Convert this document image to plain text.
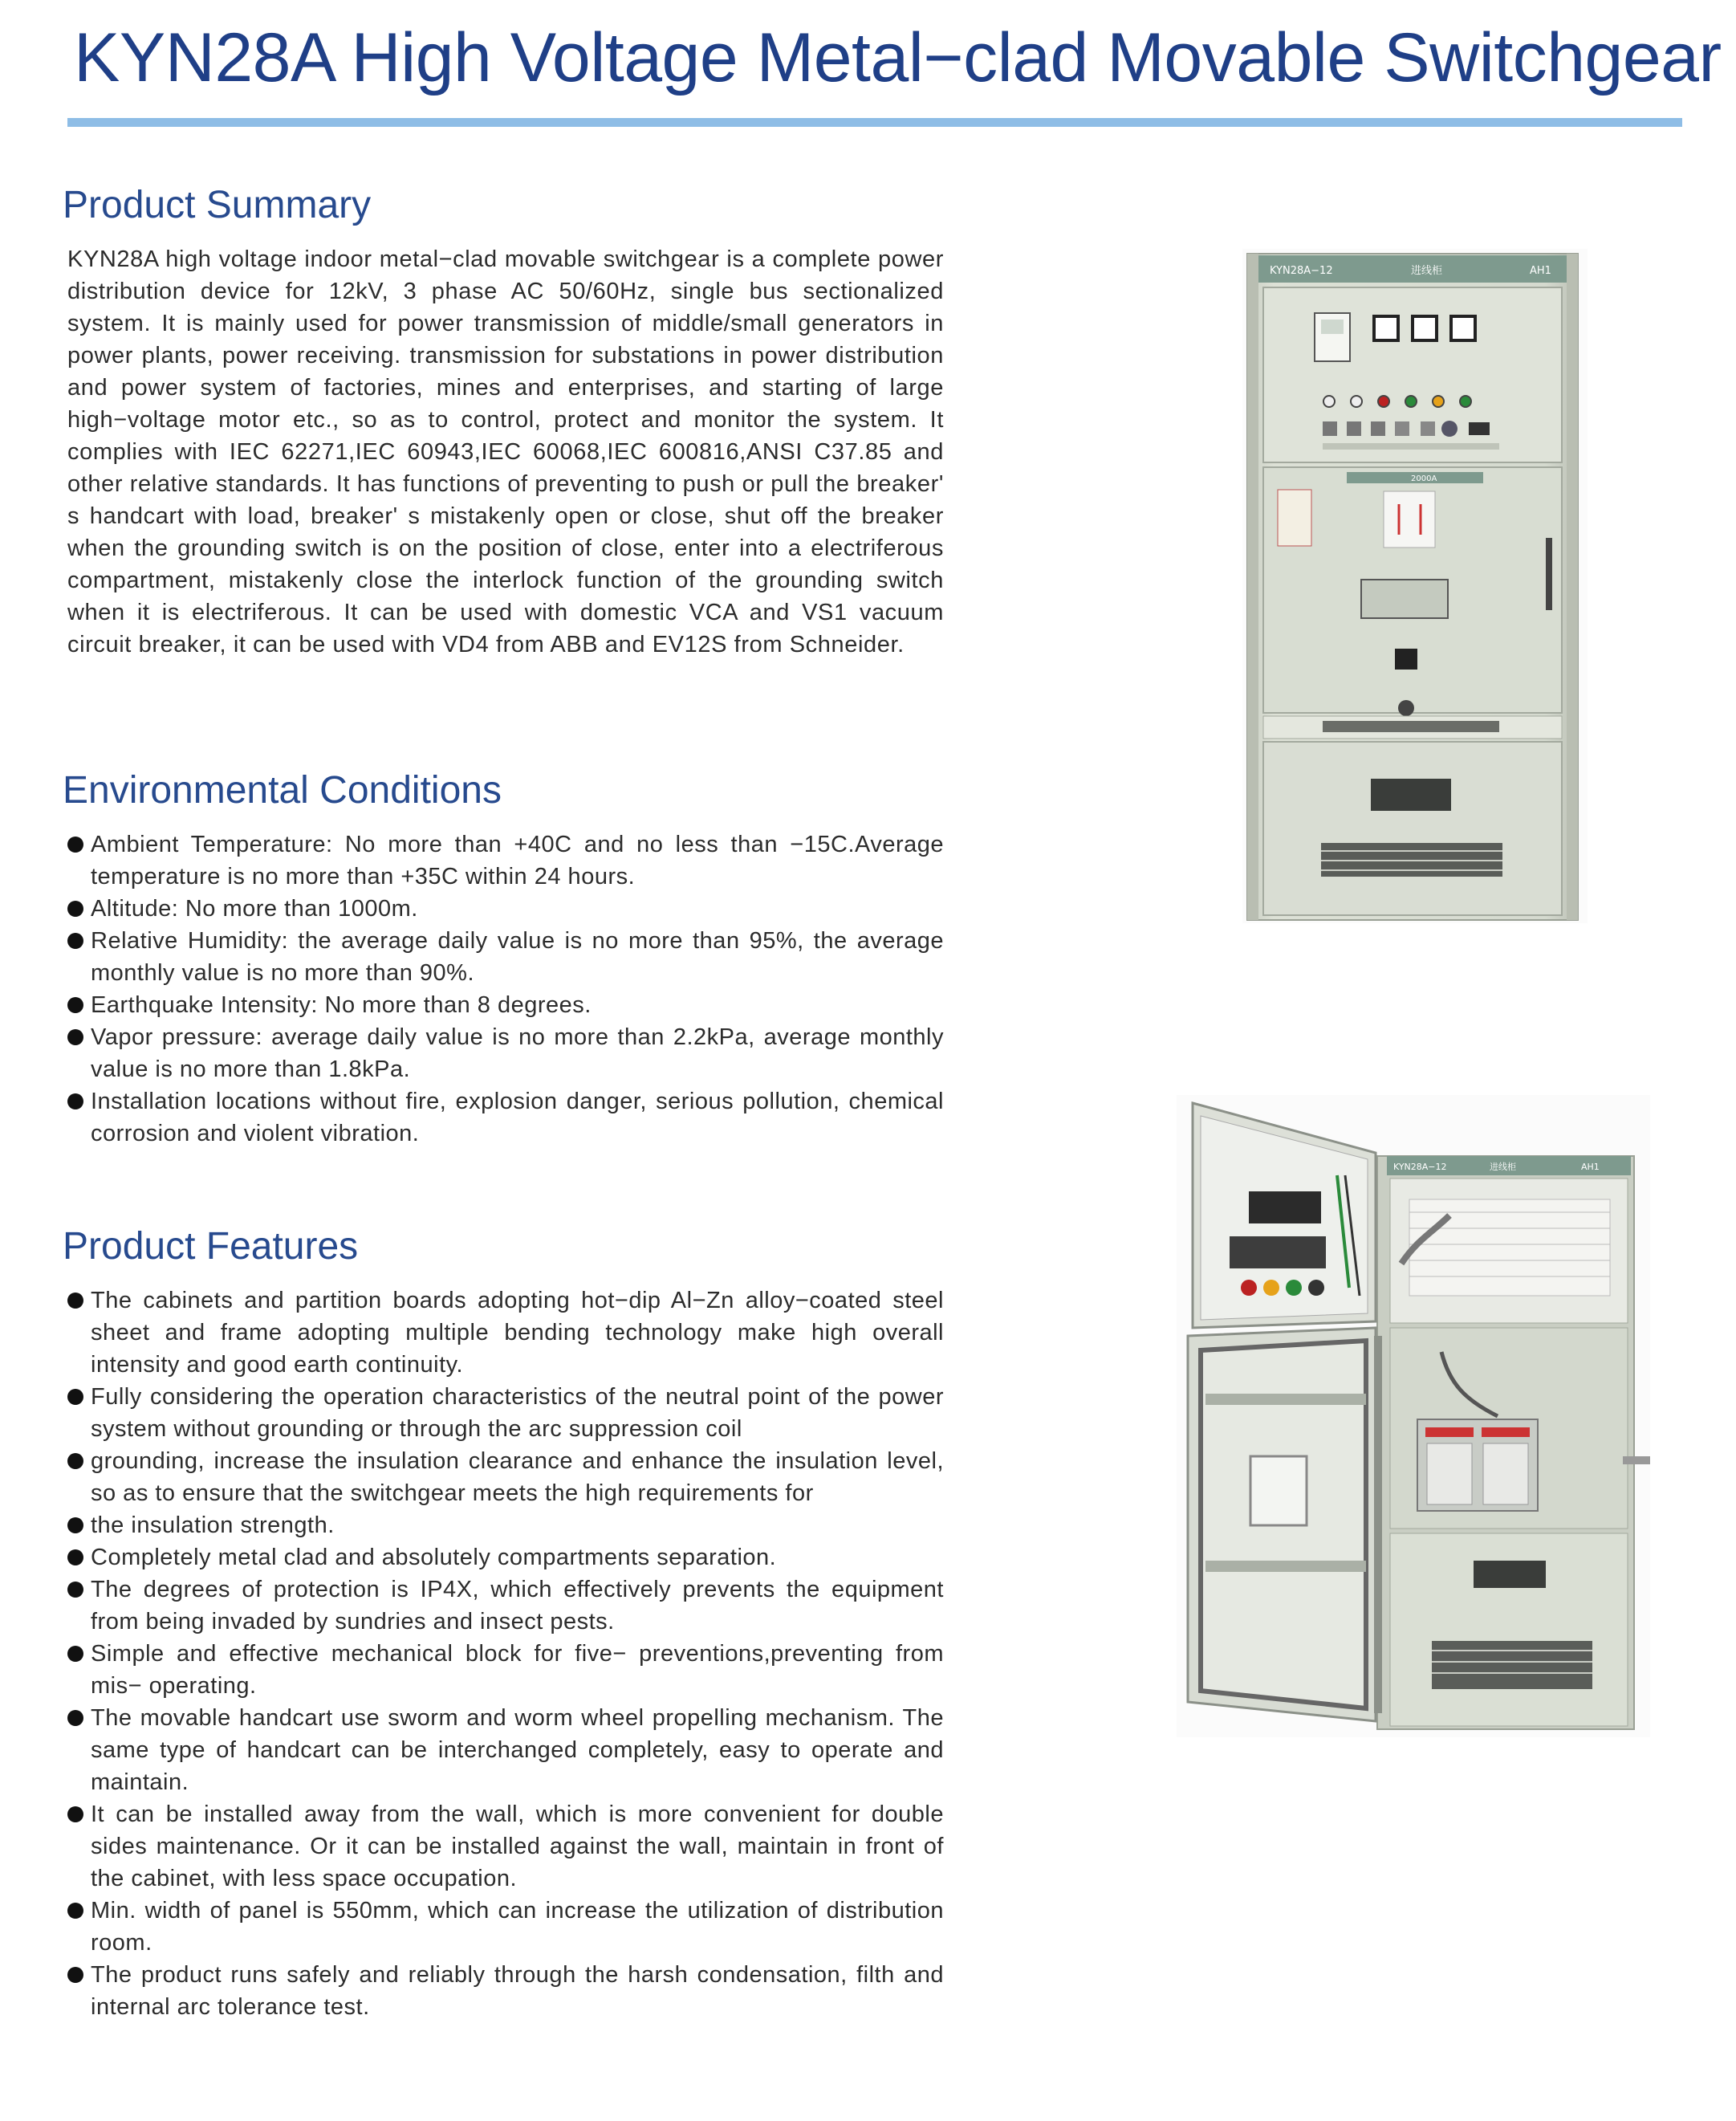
KYN28A High Voltage Metal−clad Movable Switchgear
Product Summary

KYN28A high voltage indoor metal−clad movable switchgear is a complete power distribution device for 12kV, 3 phase AC 50/60Hz, single bus sectionalized system. It is mainly used for power transmission of middle/small generators in power plants, power receiving. transmission for substations in power distribution and power system of factories, mines and enterprises, and starting of large high−voltage motor etc., so as to control, protect and monitor the system. It complies with IEC 62271,IEC 60943,IEC 60068,IEC 600816,ANSI C37.85 and other relative standards. It has functions of preventing to push or pull the breaker' s handcart with load, breaker' s mistakenly open or close, shut off the breaker when the grounding switch is on the position of close, enter into a electriferous compartment, mistakenly close the interlock function of the grounding switch when it is electriferous. It can be used with domestic VCA and VS1 vacuum circuit breaker, it can be used with VD4 from ABB and EV12S from Schneider.

Environmental Conditions
Ambient Temperature: No more than +40C and no less than −15C.Average temperature is no more than +35C within 24 hours.
Altitude: No more than 1000m.
Relative Humidity: the average daily value is no more than 95%, the average monthly value is no more than 90%.
Earthquake Intensity: No more than 8 degrees.
Vapor pressure: average daily value is no more than 2.2kPa, average monthly value is no more than 1.8kPa.
Installation locations without fire, explosion danger, serious pollution, chemical corrosion and violent vibration.
Product Features
The cabinets and partition boards adopting hot−dip Al−Zn alloy−coated steel sheet and frame adopting multiple bending technology make high overall intensity and good earth continuity.
Fully considering the operation characteristics of the neutral point of the power system without grounding or through the arc suppression coil
grounding, increase the insulation clearance and enhance the insulation level, so as to ensure that the switchgear meets the high requirements for
the insulation strength.
Completely metal clad and absolutely compartments separation.
The degrees of protection is IP4X, which effectively prevents the equipment from being invaded by sundries and insect pests.
Simple and effective mechanical block for five− preventions,preventing from mis− operating.
The movable handcart use sworm and worm wheel propelling mechanism. The same type of handcart can be interchanged completely, easy to operate and maintain.
It can be installed away from the wall, which is more convenient for double sides maintenance. Or it can be installed against the wall, maintain in front of the cabinet, with less space occupation.
Min. width of panel is 550mm, which can increase the utilization of distribution room.
The product runs safely and reliably through the harsh condensation, filth and internal arc tolerance test.
KYN28A−12	进线柜	AH1
2000A
KYN28A−12	进线柜	AH1
